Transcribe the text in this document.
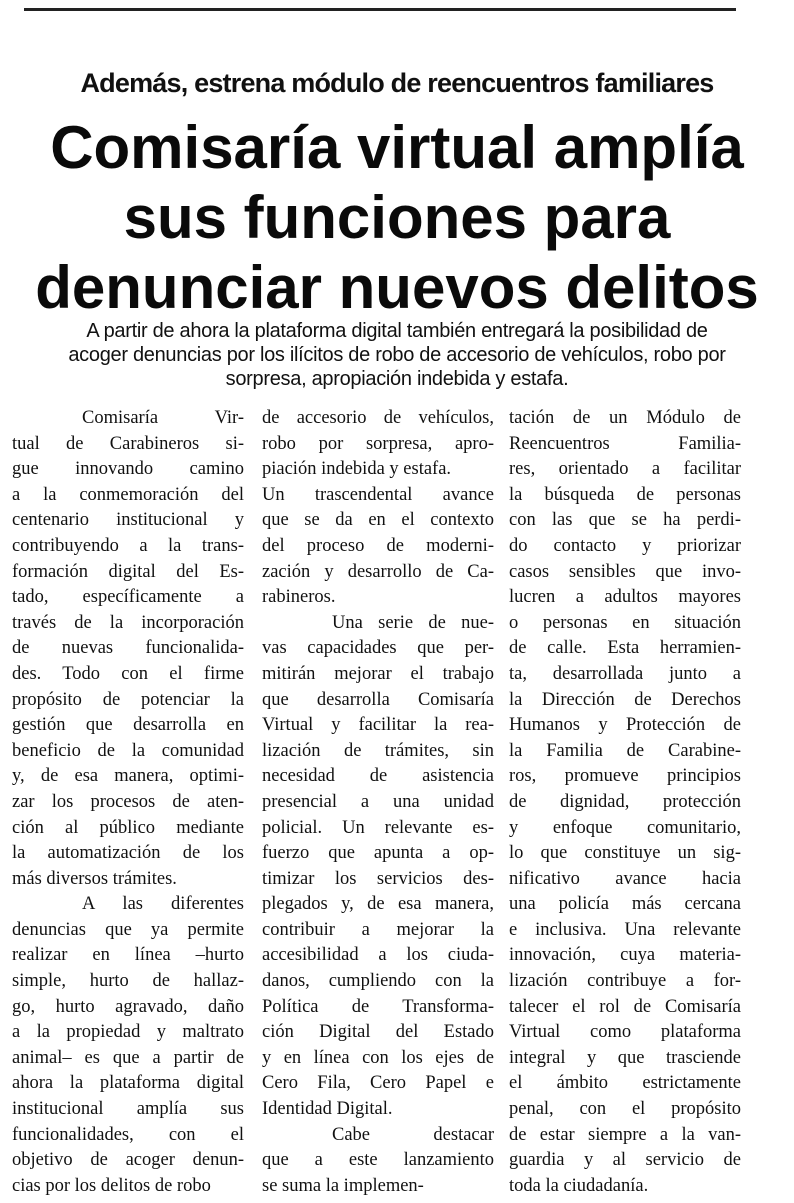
Además, estrena módulo de reencuentros familiares
Comisaría virtual amplía
sus funciones para
denunciar nuevos delitos
A partir de ahora la plataforma digital también entregará la posibilidad de
acoger denuncias por los ilícitos de robo de accesorio de vehículos, robo por
sorpresa, apropiación indebida y estafa.
Comisaría Vir-
tual de Carabineros si-
gue innovando camino
a la conmemoración del
centenario institucional y
contribuyendo a la trans-
formación digital del Es-
tado, específicamente a
través de la incorporación
de nuevas funcionalida-
des. Todo con el firme
propósito de potenciar la
gestión que desarrolla en
beneficio de la comunidad
y, de esa manera, optimi-
zar los procesos de aten-
ción al público mediante
la automatización de los
más diversos trámites.
A las diferentes
denuncias que ya permite
realizar en línea –hurto
simple, hurto de hallaz-
go, hurto agravado, daño
a la propiedad y maltrato
animal– es que a partir de
ahora la plataforma digital
institucional amplía sus
funcionalidades, con el
objetivo de acoger denun-
cias por los delitos de robo
de accesorio de vehículos,
robo por sorpresa, apro-
piación indebida y estafa.
Un trascendental avance
que se da en el contexto
del proceso de moderni-
zación y desarrollo de Ca-
rabineros.
Una serie de nue-
vas capacidades que per-
mitirán mejorar el trabajo
que desarrolla Comisaría
Virtual y facilitar la rea-
lización de trámites, sin
necesidad de asistencia
presencial a una unidad
policial. Un relevante es-
fuerzo que apunta a op-
timizar los servicios des-
plegados y, de esa manera,
contribuir a mejorar la
accesibilidad a los ciuda-
danos, cumpliendo con la
Política de Transforma-
ción Digital del Estado
y en línea con los ejes de
Cero Fila, Cero Papel e
Identidad Digital.
Cabe destacar
que a este lanzamiento
se suma la implemen-
tación de un Módulo de
Reencuentros Familia-
res, orientado a facilitar
la búsqueda de personas
con las que se ha perdi-
do contacto y priorizar
casos sensibles que invo-
lucren a adultos mayores
o personas en situación
de calle. Esta herramien-
ta, desarrollada junto a
la Dirección de Derechos
Humanos y Protección de
la Familia de Carabine-
ros, promueve principios
de dignidad, protección
y enfoque comunitario,
lo que constituye un sig-
nificativo avance hacia
una policía más cercana
e inclusiva. Una relevante
innovación, cuya materia-
lización contribuye a for-
talecer el rol de Comisaría
Virtual como plataforma
integral y que trasciende
el ámbito estrictamente
penal, con el propósito
de estar siempre a la van-
guardia y al servicio de
toda la ciudadanía.
